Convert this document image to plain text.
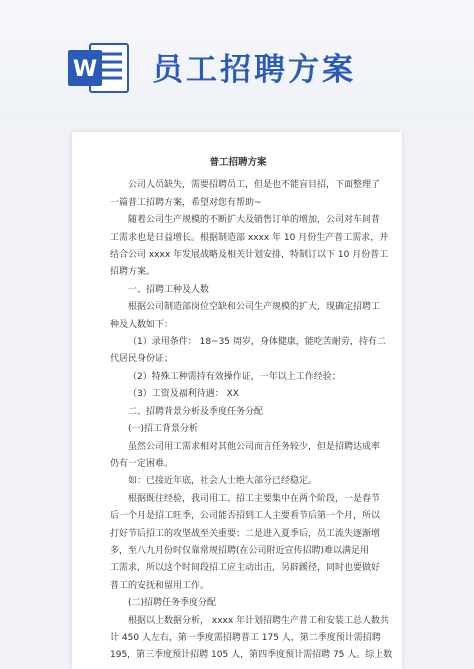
W 员工招聘方案
普工招聘方案

公司人员缺失，需要招聘员工，但是也不能盲目招，下面整理了

一篇普工招聘方案，希望对您有帮助~

随着公司生产规模的不断扩大及销售订单的增加，公司对车间普

工需求也是日益增长。根据制造部 xxxx 年 10 月份生产普工需求，并

结合公司 xxxx 年发展战略及相关计划安排，特制订以下 10 月份普工

招聘方案。

一、招聘工种及人数

根据公司制造部岗位空缺和公司生产规模的扩大，现确定招聘工

种及人数如下：

（1）录用条件： 18~35 周岁，身体健康，能吃苦耐劳，持有二

代居民身份证；

（2）特殊工种需持有效操作证，一年以上工作经验；

（3）工资及福利待遇： XX

二、招聘背景分析及季度任务分配

(一)招工背景分析

虽然公司用工需求相对其他公司而言任务较少，但是招聘达成率

仍有一定困难。

如：已接近年底，社会人士绝大部分已经稳定。

根据既往经验，我司用工、招工主要集中在两个阶段，一是春节

后一个月是招工旺季，公司能否招到工人主要看节后第一个月，所以

打好节后招工的攻坚战至关重要；二是进入夏季后，员工流失逐渐增

多，至八九月份时仅靠常规招聘(在公司附近宣传招聘)难以满足用

工需求，所以这个时间段招工应主动出击，另辟蹊径，同时也要做好

普工的安抚和留用工作。

(二)招聘任务季度分配

根据以上数据分析， xxxx 年计划招聘生产普工和安装工总人数共

计 450 人左右，第一季度需招聘普工 175 人，第二季度预计需招聘

195，第三季度预计招聘 105 人，第四季度预计需招聘 75 人。综上数
